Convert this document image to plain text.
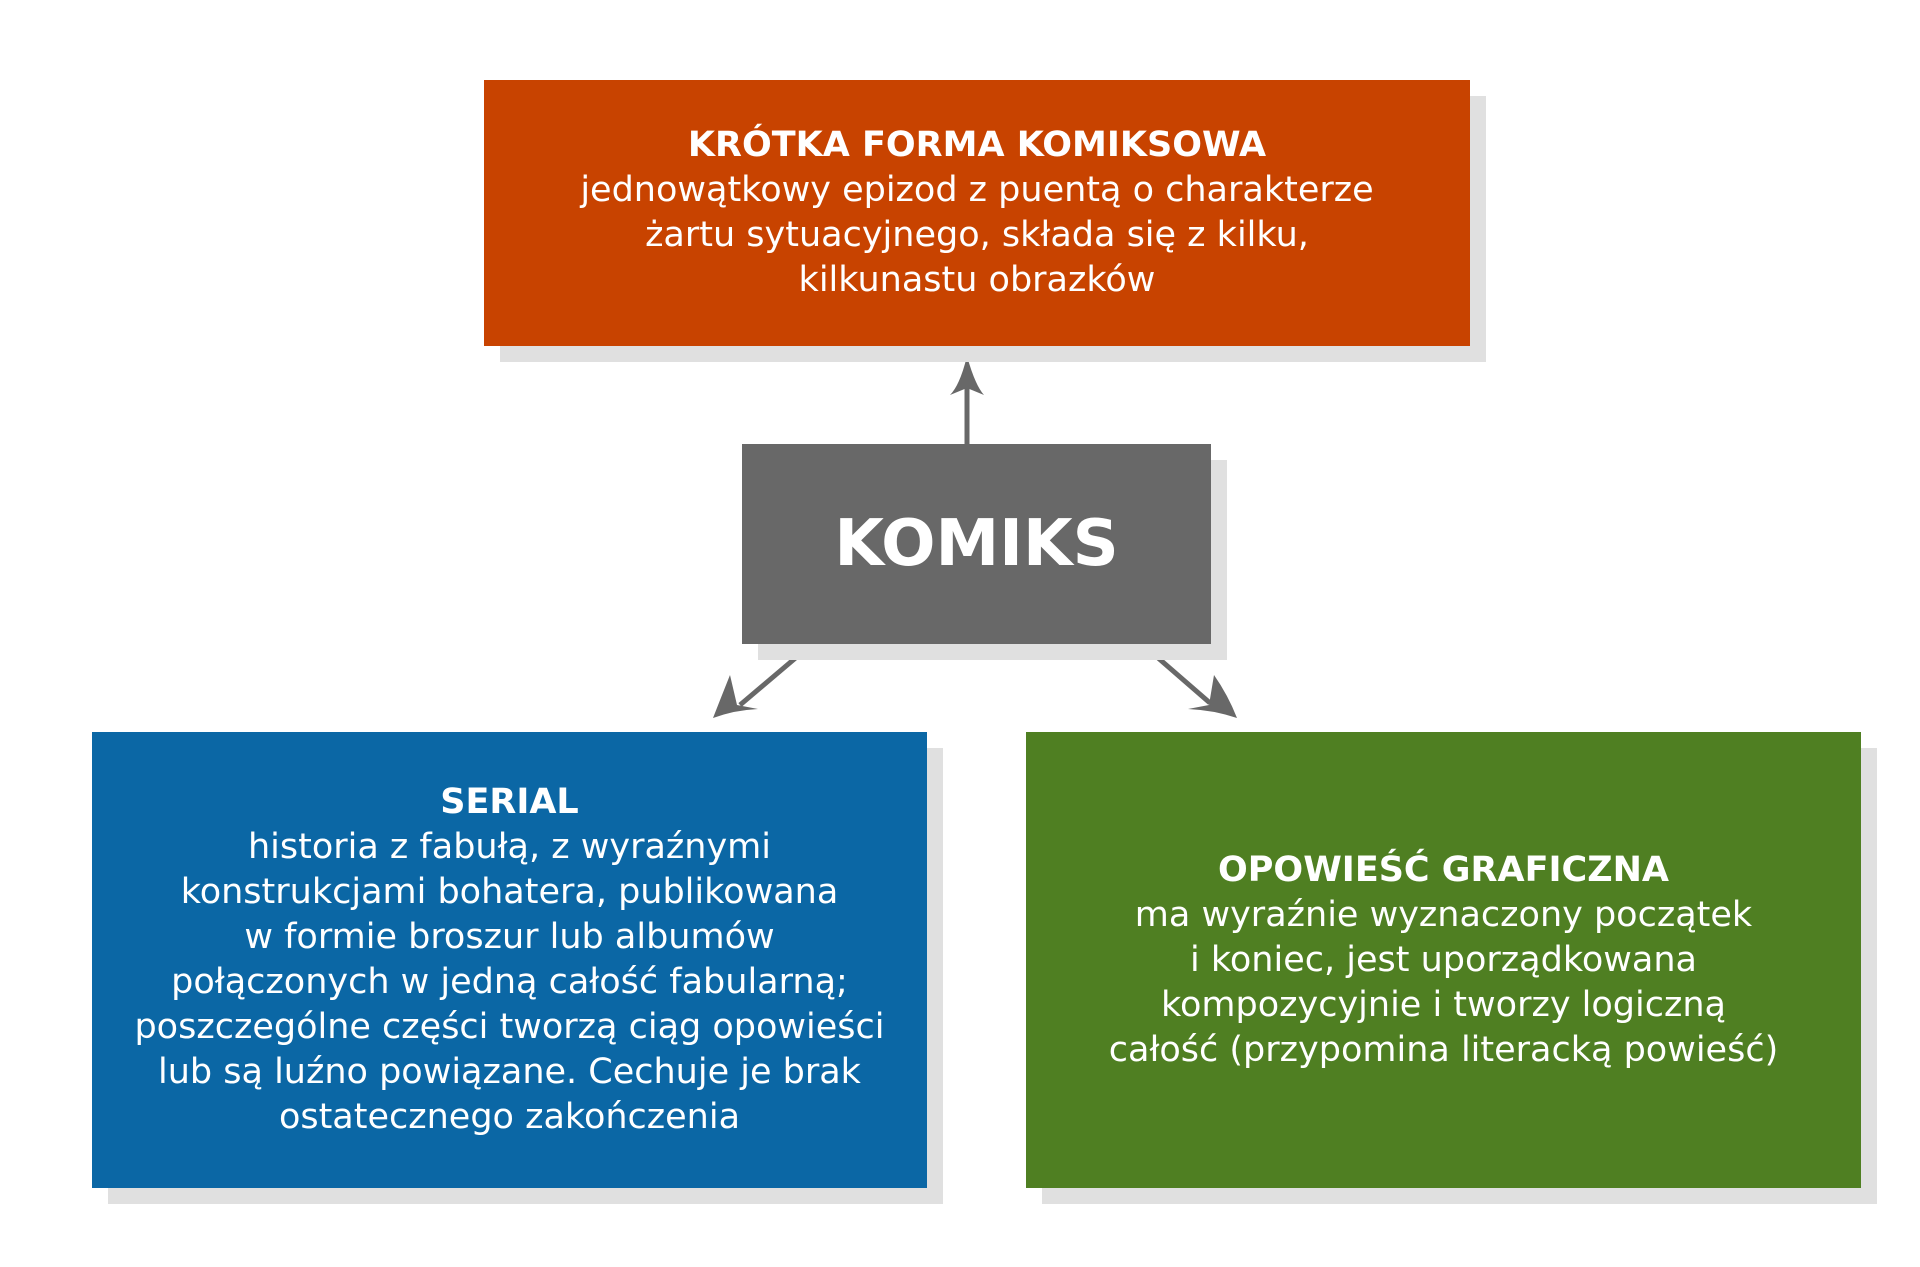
KRÓTKA FORMA KOMIKSOWA
jednowątkowy epizod z puentą o charakterze
żartu sytuacyjnego, składa się z kilku,
kilkunastu obrazków
KOMIKS
SERIAL
historia z fabułą, z wyraźnymi
konstrukcjami bohatera, publikowana
w formie broszur lub albumów
połączonych w jedną całość fabularną;
poszczególne części tworzą ciąg opowieści
lub są luźno powiązane. Cechuje je brak
ostatecznego zakończenia
OPOWIEŚĆ GRAFICZNA
ma wyraźnie wyznaczony początek
i koniec, jest uporządkowana
kompozycyjnie i tworzy logiczną
całość (przypomina literacką powieść)
